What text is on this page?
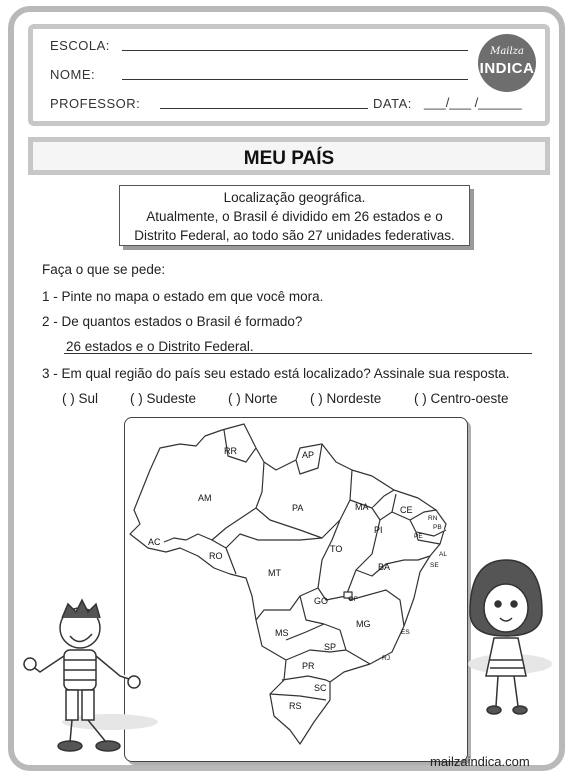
ESCOLA:
NOME:
PROFESSOR:	DATA: ___/___ /______
Mailza
INDICA
MEU PAÍS
Localização geográfica.
Atualmente, o Brasil é dividido em 26 estados e o
Distrito Federal, ao todo são 27 unidades federativas.
Faça o que se pede:
1 - Pinte no mapa o estado em que você mora.
2 - De quantos estados o Brasil é formado?
26 estados e o Distrito Federal.
3 - Em qual região do país seu estado está localizado? Assinale sua resposta.
( ) Sul ( ) Sudeste ( ) Norte ( ) Nordeste ( ) Centro-oeste
RR	AP
AM
PA	MA	CE
RN
PB
PE
AL
SE
PI
AC
RO
TO
BA
MT
DF
GO
MG
ES
MS
SP
RJ
PR
SC
RS
mailzaindica.com
